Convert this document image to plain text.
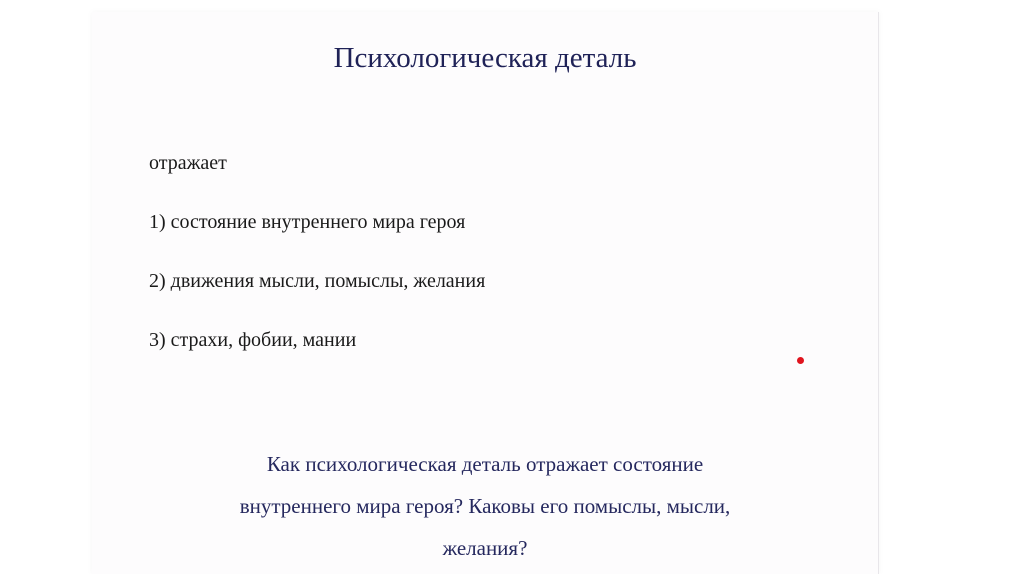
Психологическая деталь
отражает
1) состояние внутреннего мира героя
2) движения мысли, помыслы, желания
3) страхи, фобии, мании
Как психологическая деталь отражает состояние
внутреннего мира героя? Каковы его помыслы, мысли,
желания?
